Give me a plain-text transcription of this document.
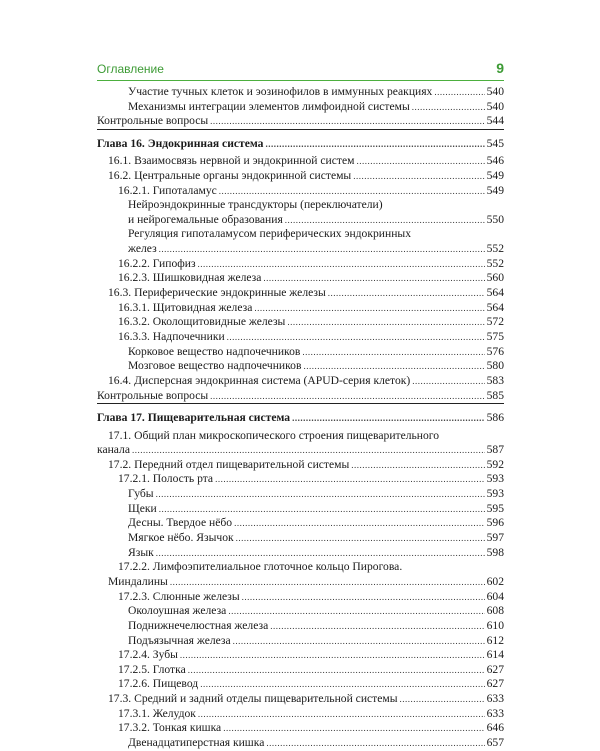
Оглавление	9
Участие тучных клеток и эозинофилов в иммунных реакциях .....	540
Механизмы интеграции элементов лимфоидной системы .....	540
Контрольные вопросы .....	544
Глава 16. Эндокринная система .....	545
16.1. Взаимосвязь нервной и эндокринной систем .....	546
16.2. Центральные органы эндокринной системы .....	549
16.2.1. Гипоталамус .....	549
Нейроэндокринные трансдукторы (переключатели)
и нейрогемальные образования .....	550
Регуляция гипоталамусом периферических эндокринных
желез .....	552
16.2.2. Гипофиз .....	552
16.2.3. Шишковидная железа .....	560
16.3. Периферические эндокринные железы .....	564
16.3.1. Щитовидная железа .....	564
16.3.2. Околощитовидные железы .....	572
16.3.3. Надпочечники .....	575
Корковое вещество надпочечников .....	576
Мозговое вещество надпочечников .....	580
16.4. Дисперсная эндокринная система (APUD-серия клеток) .....	583
Контрольные вопросы .....	585
Глава 17. Пищеварительная система .....	586
17.1. Общий план микроскопического строения пищеварительного
канала .....	587
17.2. Передний отдел пищеварительной системы .....	592
17.2.1. Полость рта .....	593
Губы .....	593
Щеки .....	595
Десны. Твердое нёбо .....	596
Мягкое нёбо. Язычок .....	597
Язык .....	598
17.2.2. Лимфоэпителиальное глоточное кольцо Пирогова.
Миндалины .....	602
17.2.3. Слюнные железы .....	604
Околоушная железа .....	608
Поднижнечелюстная железа .....	610
Подъязычная железа .....	612
17.2.4. Зубы .....	614
17.2.5. Глотка .....	627
17.2.6. Пищевод .....	627
17.3. Средний и задний отделы пищеварительной системы .....	633
17.3.1. Желудок .....	633
17.3.2. Тонкая кишка .....	646
Двенадцатиперстная кишка .....	657
